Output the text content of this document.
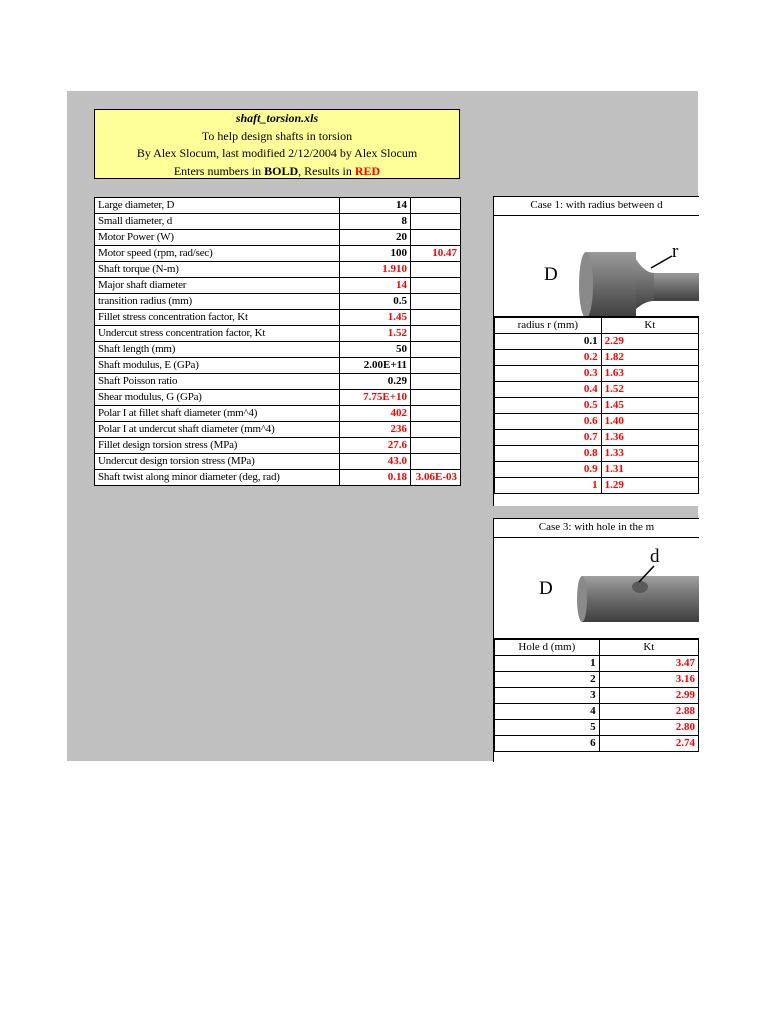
shaft_torsion.xls
To help design shafts in torsion
By Alex Slocum, last modified 2/12/2004 by Alex Slocum
Enters numbers in BOLD, Results in RED
Large diameter, D	14	
Small diameter, d	8	
Motor Power (W)	20	
Motor speed (rpm, rad/sec)	100	10.47
Shaft torque (N-m)	1.910	
Major shaft diameter	14	
transition radius (mm)	0.5	
Fillet stress concentration factor, Kt	1.45	
Undercut stress concentration factor, Kt	1.52	
Shaft length (mm)	50	
Shaft modulus, E (GPa)	2.00E+11	
Shaft Poisson ratio	0.29	
Shear modulus, G (GPa)	7.75E+10	
Polar I at fillet shaft diameter (mm^4)	402	
Polar I at undercut shaft diameter (mm^4)	236	
Fillet design torsion stress (MPa)	27.6	
Undercut design torsion stress (MPa)	43.0	
Shaft twist along minor diameter (deg, rad)	0.18	3.06E-03
Case 1: with radius between d
D
r
radius r (mm)	Kt
0.1	2.29
0.2	1.82
0.3	1.63
0.4	1.52
0.5	1.45
0.6	1.40
0.7	1.36
0.8	1.33
0.9	1.31
1	1.29
Case 3: with hole in the m
D
d
Hole d (mm)	Kt
1	3.47
2	3.16
3	2.99
4	2.88
5	2.80
6	2.74
